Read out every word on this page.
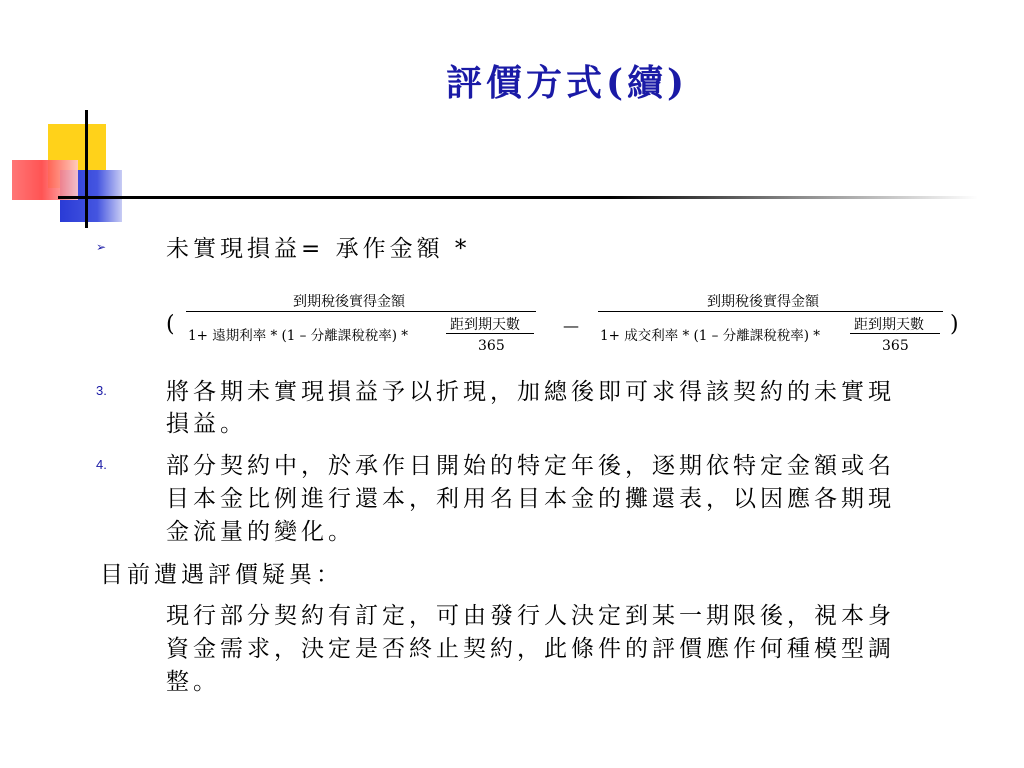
評價方式(續)
➢	未實現損益= 承作金額 *
(
到期稅後實得金額
1+ 遠期利率 * (1 – 分離課稅稅率) *
距到期天數
365
—
到期稅後實得金額
1+ 成交利率 * (1 – 分離課稅稅率) *
距到期天數
365
)
3.	將各期未實現損益予以折現，加總後即可求得該契約的未實現
損益。
4.	部分契約中，於承作日開始的特定年後，逐期依特定金額或名
目本金比例進行還本，利用名目本金的攤還表，以因應各期現
金流量的變化。
目前遭遇評價疑異：
現行部分契約有訂定，可由發行人決定到某一期限後，視本身
資金需求，決定是否終止契約，此條件的評價應作何種模型調
整。
